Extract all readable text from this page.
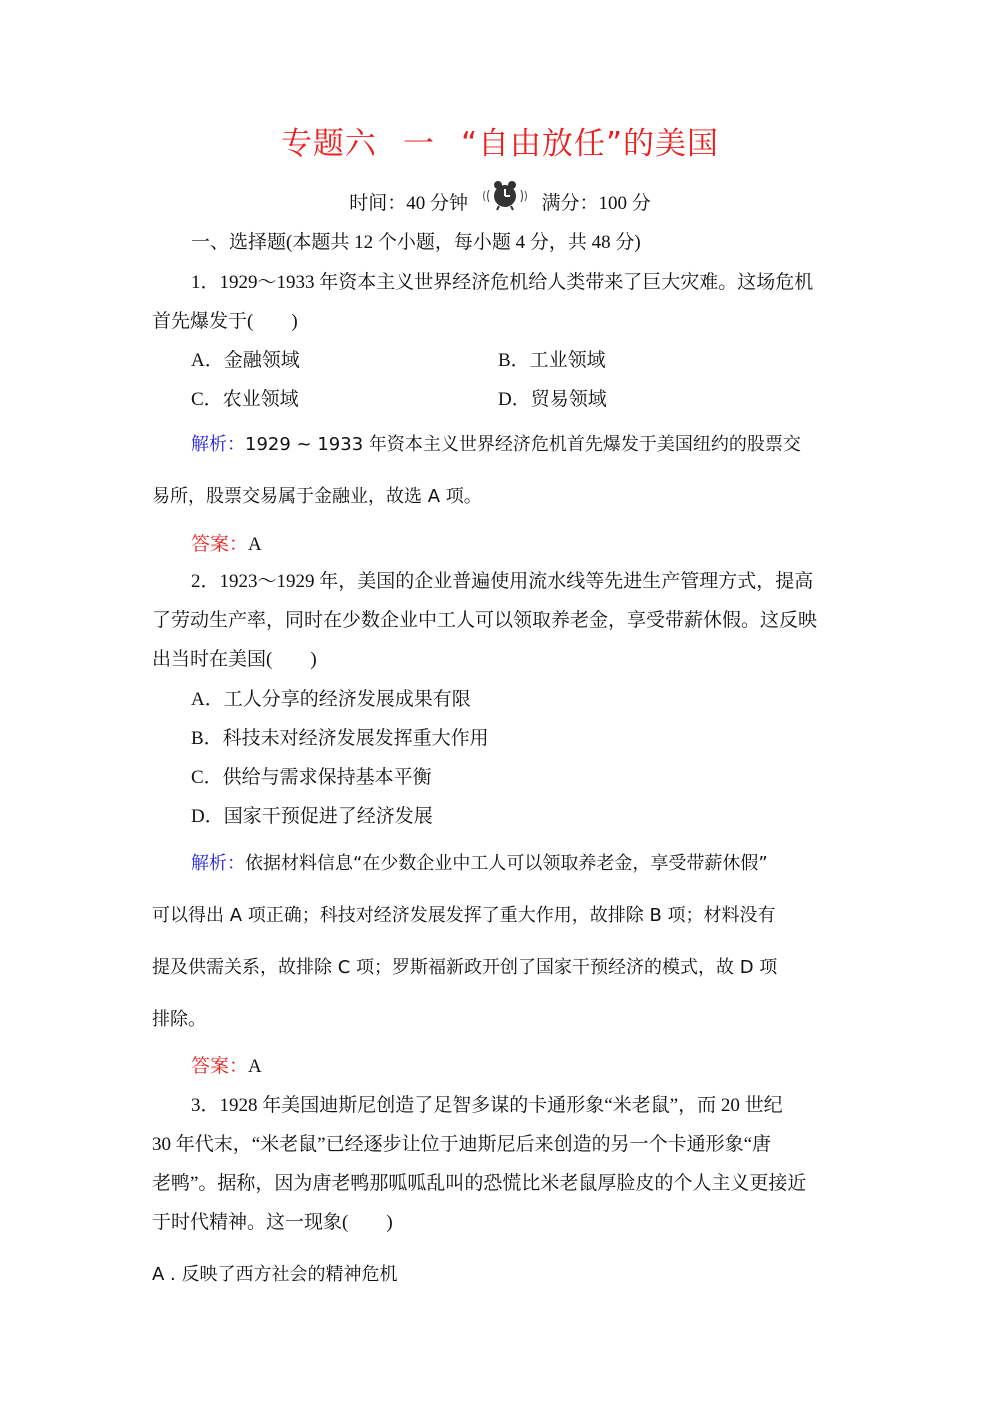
专题六 一 “自由放任”的美国
时间：40 分钟	满分：100 分
一、选择题(本题共 12 个小题，每小题 4 分，共 48 分)
1．1929～1933 年资本主义世界经济危机给人类带来了巨大灾难。这场危机
首先爆发于(　　)
A．金融领域	B．工业领域
C．农业领域	D．贸易领域
解析：1929 ~ 1933 年资本主义世界经济危机首先爆发于美国纽约的股票交
易所，股票交易属于金融业，故选 A 项。
答案：A
2．1923～1929 年，美国的企业普遍使用流水线等先进生产管理方式，提高
了劳动生产率，同时在少数企业中工人可以领取养老金，享受带薪休假。这反映
出当时在美国(　　)
A．工人分享的经济发展成果有限
B．科技未对经济发展发挥重大作用
C．供给与需求保持基本平衡
D．国家干预促进了经济发展
解析：依据材料信息“在少数企业中工人可以领取养老金，享受带薪休假”
可以得出 A 项正确；科技对经济发展发挥了重大作用，故排除 B 项；材料没有
提及供需关系，故排除 C 项；罗斯福新政开创了国家干预经济的模式，故 D 项
排除。
答案：A
3．1928 年美国迪斯尼创造了足智多谋的卡通形象“米老鼠”，而 20 世纪
30 年代末，“米老鼠”已经逐步让位于迪斯尼后来创造的另一个卡通形象“唐
老鸭”。据称，因为唐老鸭那呱呱乱叫的恐慌比米老鼠厚脸皮的个人主义更接近
于时代精神。这一现象(　　)
A . 反映了西方社会的精神危机
